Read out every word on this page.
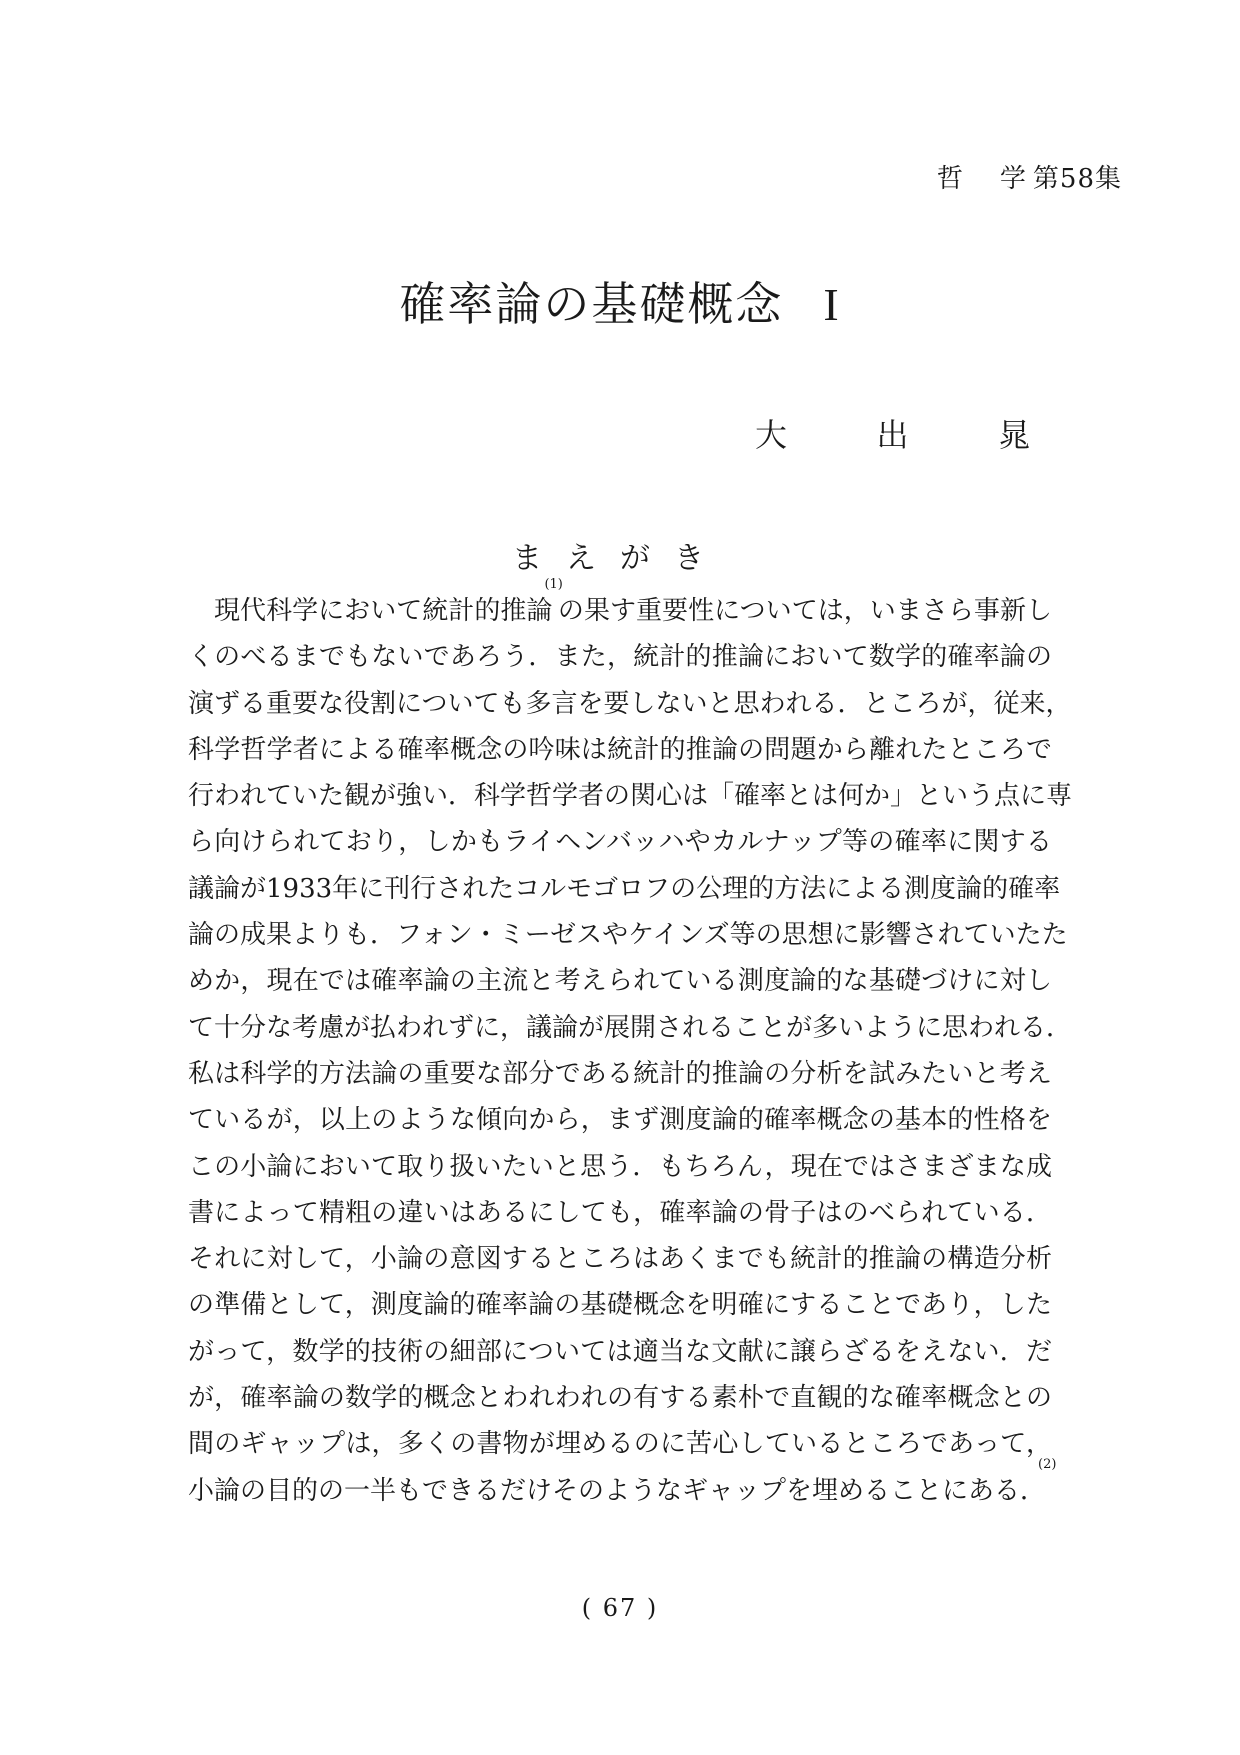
哲 学 第58集
確率論の基礎概念 I
大	出	晁
まえがき
現代科学において統計的推論$^{(1)}$の果す重要性については，いまさら事新し
くのべるまでもないであろう．また，統計的推論において数学的確率論の
演ずる重要な役割についても多言を要しないと思われる．ところが，従来，
科学哲学者による確率概念の吟味は統計的推論の問題から離れたところで
行われていた観が強い．科学哲学者の関心は「確率とは何か」という点に専
ら向けられており，しかもライヘンバッハやカルナップ等の確率に関する
議論が1933年に刊行されたコルモゴロフの公理的方法による測度論的確率
論の成果よりも．フォン・ミーゼスやケインズ等の思想に影響されていたた
めか，現在では確率論の主流と考えられている測度論的な基礎づけに対し
て十分な考慮が払われずに，議論が展開されることが多いように思われる．
私は科学的方法論の重要な部分である統計的推論の分析を試みたいと考え
ているが，以上のような傾向から，まず測度論的確率概念の基本的性格を
この小論において取り扱いたいと思う．もちろん，現在ではさまざまな成
書によって精粗の違いはあるにしても，確率論の骨子はのべられている．
それに対して，小論の意図するところはあくまでも統計的推論の構造分析
の準備として，測度論的確率論の基礎概念を明確にすることであり，した
がって，数学的技術の細部については適当な文献に譲らざるをえない．だ
が，確率論の数学的概念とわれわれの有する素朴で直観的な確率概念との
間のギャップは，多くの書物が埋めるのに苦心しているところであって，
小論の目的の一半もできるだけそのようなギャップを埋めることにある．$^{(2)}$
( 67 )
